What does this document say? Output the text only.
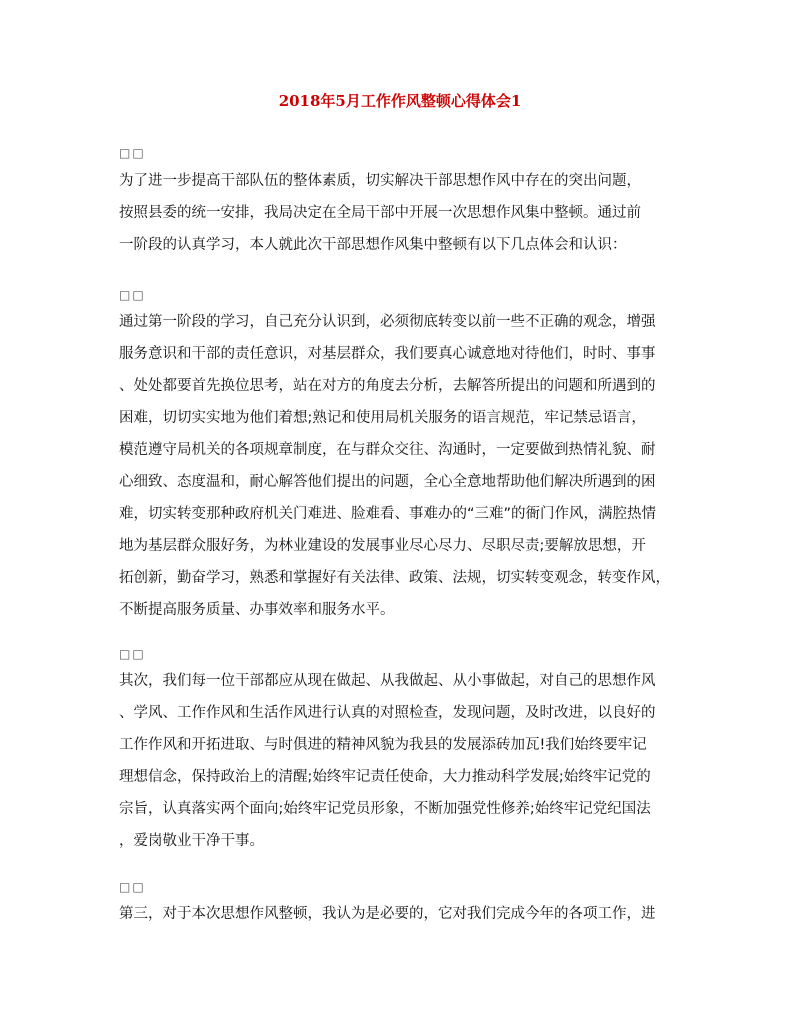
2018年5月工作作风整顿心得体会1
□□
为了进一步提高干部队伍的整体素质，切实解决干部思想作风中存在的突出问题，
按照县委的统一安排，我局决定在全局干部中开展一次思想作风集中整顿。通过前
一阶段的认真学习，本人就此次干部思想作风集中整顿有以下几点体会和认识：
□□
通过第一阶段的学习，自己充分认识到，必须彻底转变以前一些不正确的观念，增强
服务意识和干部的责任意识，对基层群众，我们要真心诚意地对待他们，时时、事事
、处处都要首先换位思考，站在对方的角度去分析，去解答所提出的问题和所遇到的
困难，切切实实地为他们着想;熟记和使用局机关服务的语言规范，牢记禁忌语言，
模范遵守局机关的各项规章制度，在与群众交往、沟通时，一定要做到热情礼貌、耐
心细致、态度温和，耐心解答他们提出的问题，全心全意地帮助他们解决所遇到的困
难，切实转变那种政府机关门难进、脸难看、事难办的“三难”的衙门作风，满腔热情
地为基层群众服好务，为林业建设的发展事业尽心尽力、尽职尽责;要解放思想，开
拓创新，勤奋学习，熟悉和掌握好有关法律、政策、法规，切实转变观念，转变作风，
不断提高服务质量、办事效率和服务水平。
□□
其次，我们每一位干部都应从现在做起、从我做起、从小事做起，对自己的思想作风
、学风、工作作风和生活作风进行认真的对照检查，发现问题，及时改进，以良好的
工作作风和开拓进取、与时俱进的精神风貌为我县的发展添砖加瓦!我们始终要牢记
理想信念，保持政治上的清醒;始终牢记责任使命，大力推动科学发展;始终牢记党的
宗旨，认真落实两个面向;始终牢记党员形象，不断加强党性修养;始终牢记党纪国法
，爱岗敬业干净干事。
□□
第三，对于本次思想作风整顿，我认为是必要的，它对我们完成今年的各项工作，进
